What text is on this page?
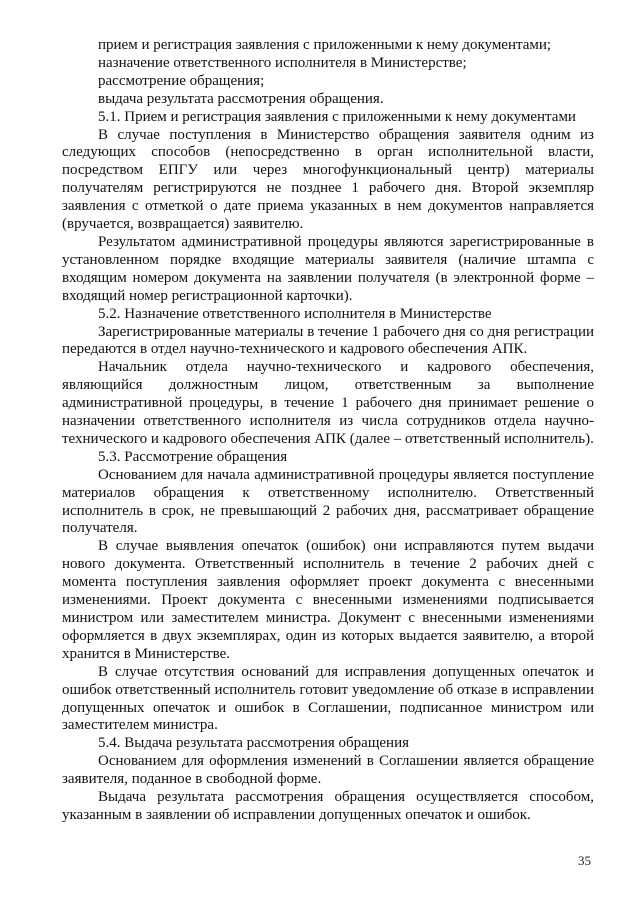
прием и регистрация заявления с приложенными к нему документами;

назначение ответственного исполнителя в Министерстве;

рассмотрение обращения;

выдача результата рассмотрения обращения.

5.1. Прием и регистрация заявления с приложенными к нему документами

В случае поступления в Министерство обращения заявителя одним из следующих способов (непосредственно в орган исполнительной власти, посредством ЕПГУ или через многофункциональный центр) материалы получателям регистрируются не позднее 1 рабочего дня. Второй экземпляр заявления с отметкой о дате приема указанных в нем документов направляется (вручается, возвращается) заявителю.

Результатом административной процедуры являются зарегистрированные в установленном порядке входящие материалы заявителя (наличие штампа с входящим номером документа на заявлении получателя (в электронной форме – входящий номер регистрационной карточки).

5.2. Назначение ответственного исполнителя в Министерстве

Зарегистрированные материалы в течение 1 рабочего дня со дня регистрации передаются в отдел научно-технического и кадрового обеспечения АПК.

Начальник отдела научно-технического и кадрового обеспечения, являющийся должностным лицом, ответственным за выполнение административной процедуры, в течение 1 рабочего дня принимает решение о назначении ответственного исполнителя из числа сотрудников отдела научно-технического и кадрового обеспечения АПК (далее – ответственный исполнитель).

5.3. Рассмотрение обращения

Основанием для начала административной процедуры является поступление материалов обращения к ответственному исполнителю. Ответственный исполнитель в срок, не превышающий 2 рабочих дня, рассматривает обращение получателя.

В случае выявления опечаток (ошибок) они исправляются путем выдачи нового документа. Ответственный исполнитель в течение 2 рабочих дней с момента поступления заявления оформляет проект документа с внесенными изменениями. Проект документа с внесенными изменениями подписывается министром или заместителем министра. Документ с внесенными изменениями оформляется в двух экземплярах, один из которых выдается заявителю, а второй хранится в Министерстве.

В случае отсутствия оснований для исправления допущенных опечаток и ошибок ответственный исполнитель готовит уведомление об отказе в исправлении допущенных опечаток и ошибок в Соглашении, подписанное министром или заместителем министра.

5.4. Выдача результата рассмотрения обращения

Основанием для оформления изменений в Соглашении является обращение заявителя, поданное в свободной форме.

Выдача результата рассмотрения обращения осуществляется способом, указанным в заявлении об исправлении допущенных опечаток и ошибок.

35
